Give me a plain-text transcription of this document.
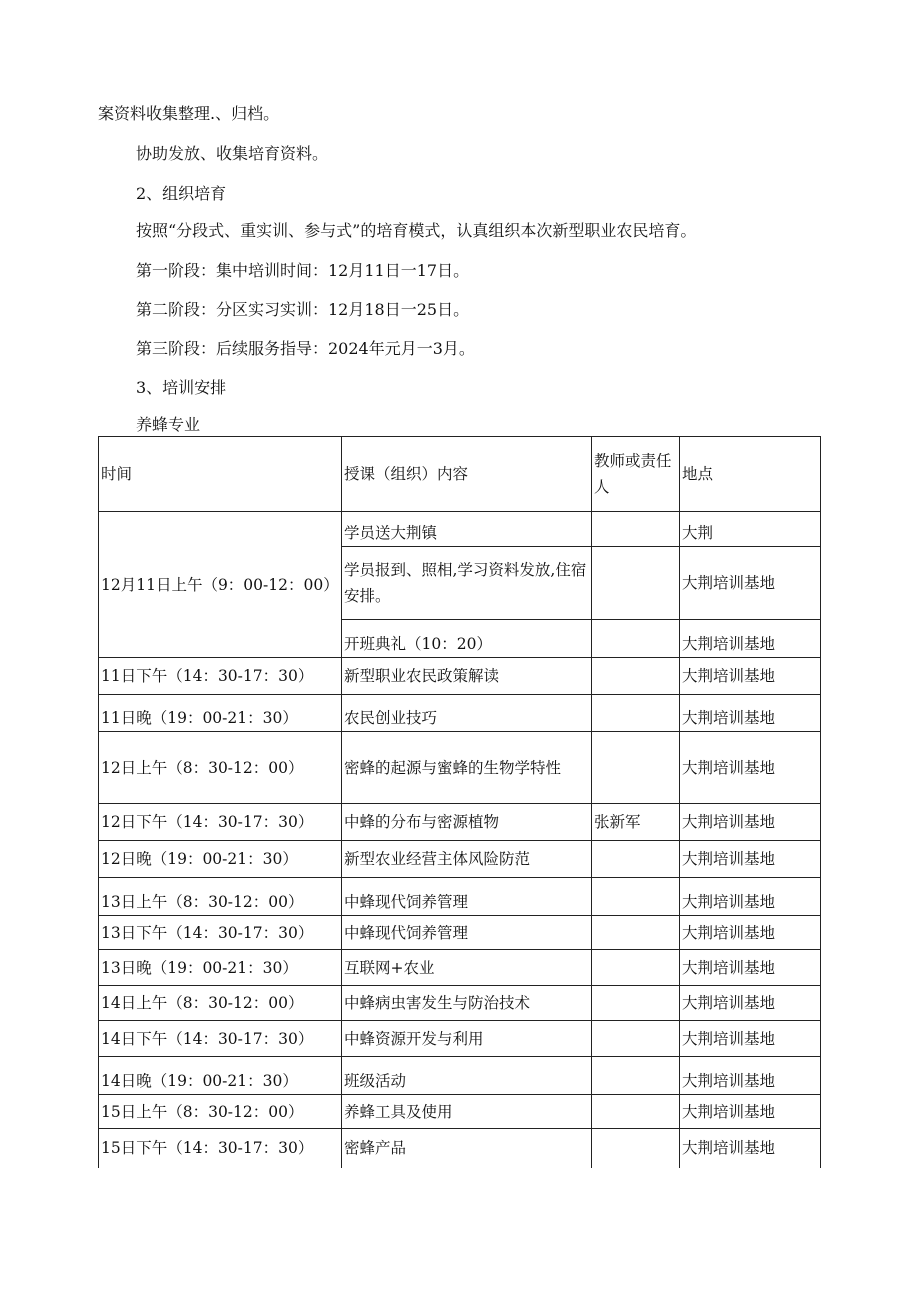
案资料收集整理.、归档。

协助发放、收集培育资料。

2、组织培育

按照“分段式、重实训、参与式”的培育模式，认真组织本次新型职业农民培育。

第一阶段：集中培训时间：12月11日一17日。

第二阶段：分区实习实训：12月18日一25日。

第三阶段：后续服务指导：2024年元月一3月。

3、培训安排

养蜂专业

时间	授课（组织）内容	教师或责任人	地点
12月11日上午（9：00-12：00）	学员送大荆镇		大荆
	学员报到、照相,学习资料发放,住宿安排。		大荆培训基地
	开班典礼（10：20）		大荆培训基地
11日下午（14：30-17：30）	新型职业农民政策解读		大荆培训基地
11日晚（19：00-21：30）	农民创业技巧		大荆培训基地
12日上午（8：30-12：00）	密蜂的起源与蜜蜂的生物学特性		大荆培训基地
12日下午（14：30-17：30）	中蜂的分布与密源植物	张新军	大荆培训基地
12日晚（19：00-21：30）	新型农业经营主体风险防范		大荆培训基地
13日上午（8：30-12：00）	中蜂现代饲养管理		大荆培训基地
13日下午（14：30-17：30）	中蜂现代饲养管理		大荆培训基地
13日晚（19：00-21：30）	互联网+农业		大荆培训基地
14日上午（8：30-12：00）	中蜂病虫害发生与防治技术		大荆培训基地
14日下午（14：30-17：30）	中蜂资源开发与利用		大荆培训基地
14日晚（19：00-21：30）	班级活动		大荆培训基地
15日上午（8：30-12：00）	养蜂工具及使用		大荆培训基地
15日下午（14：30-17：30）	密蜂产品		大荆培训基地
